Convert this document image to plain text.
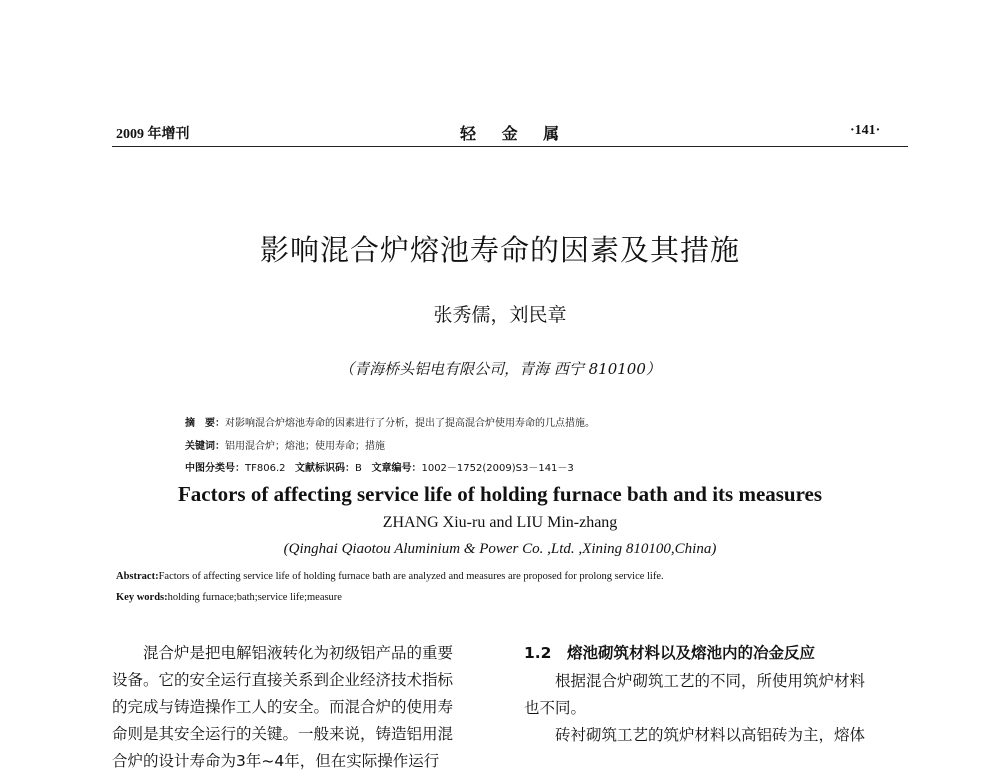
2009 年增刊	轻 金 属	·141·
影响混合炉熔池寿命的因素及其措施
张秀儒，刘民章
（青海桥头铝电有限公司，青海 西宁 810100）
摘　要：对影响混合炉熔池寿命的因素进行了分析，提出了提高混合炉使用寿命的几点措施。
关键词：铝用混合炉；熔池；使用寿命；措施
中图分类号：TF806.2 文献标识码：B 文章编号：1002－1752(2009)S3－141－3
Factors of affecting service life of holding furnace bath and its measures
ZHANG Xiu-ru and LIU Min-zhang
(Qinghai Qiaotou Aluminium & Power Co. ,Ltd. ,Xining 810100,China)
Abstract:Factors of affecting service life of holding furnace bath are analyzed and measures are proposed for prolong service life.
Key words:holding furnace;bath;service life;measure
混合炉是把电解铝液转化为初级铝产品的重要
设备。它的安全运行直接关系到企业经济技术指标
的完成与铸造操作工人的安全。而混合炉的使用寿
命则是其安全运行的关键。一般来说，铸造铝用混
合炉的设计寿命为3年~4年，但在实际操作运行
1.2　熔池砌筑材料以及熔池内的冶金反应
根据混合炉砌筑工艺的不同，所使用筑炉材料
也不同。
砖衬砌筑工艺的筑炉材料以高铝砖为主，熔体
